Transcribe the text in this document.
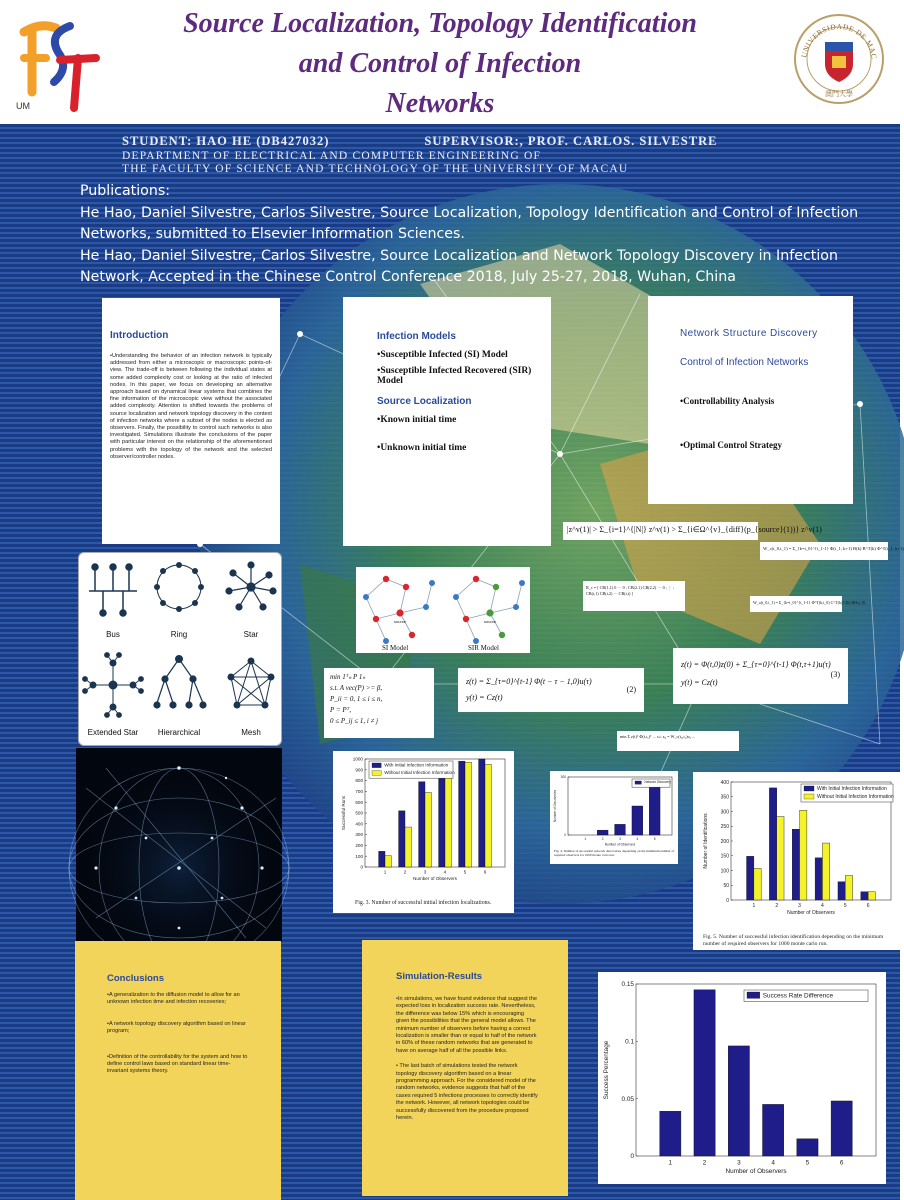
UM
Source Localization, Topology Identification
and Control of Infection
Networks
UNIVERSIDADE DE MAC
澳門大學
STUDENT: HAO HE (DB427032)	SUPERVISOR:, PROF. CARLOS. SILVESTRE
DEPARTMENT OF ELECTRICAL AND COMPUTER ENGINEERING OF
THE FACULTY OF SCIENCE AND TECHNOLOGY OF THE UNIVERSITY OF MACAU
Publications:
He Hao, Daniel Silvestre, Carlos Silvestre, Source Localization, Topology Identification and Control of Infection Networks, submitted to Elsevier Information Sciences.
He Hao, Daniel Silvestre, Carlos Silvestre, Source Localization and Network Topology Discovery in Infection Network, Accepted in the Chinese Control Conference 2018, July 25-27, 2018, Wuhan, China
Introduction

•Understanding the behavior of an infection network is typically addressed from either a microscopic or macroscopic points-of-view. The trade-off is between following the individual states at some added complexity cost or looking at the ratio of infected nodes. In this paper, we focus on developing an alternative approach based on dynamical linear systems that combines the fine information of the microscopic view without the associated added complexity. Attention is shifted towards the problems of source localization and network topology discovery in the context of infection networks where a subset of the nodes is elected as observers. Finally, the possibility to control such networks is also investigated. Simulations illustrate the conclusions of the paper with particular interest on the relationship of the aforementioned problems with the topology of the network and the selected observer/controller nodes.

Infection Models
•Susceptible Infected (SI) Model
•Susceptible Infected Recovered (SIR) Model
Source Localization
•Known initial time
•Unknown initial time
Network Structure Discovery
Control of Infection Networks
•Controllability Analysis
•Optimal Control Strategy
|z^v(1)| > Σ_{i=1}^{|N|} z^v(1) > Σ_{i∈Ω^{v}_{diff}(p_{source}(1))} z^v(1)
W_c(t_0,t_1) = Σ_{k=t_0}^{t_1-1} Φ(t_1, k+1) B(k) B^T(k) Φ^T(t_1, k+1)
W_o(t_0,t_1) = Σ_{k=t_0}^{t_1-1} Φ^T(k,t_0) C^T(k) C(k) Φ(k,t_0)
R_c = [ CB(1,1) 0 ··· 0 ; CB(2,1) CB(2,2) ··· 0 ; ⋮ ; CB(t,1) CB(t,2) ··· CB(t,t) ]
Bus	Ring	Star
Extended Star Hierarchical	Mesh
source	source
SI Model	SIR Model
min 1ᵀₙ P 1ₙ
s.t. A vec(P) >= β,
P_ii = 0, 1 ≤ i ≤ n,
P = Pᵀ,
0 ≤ P_ij ≤ 1, i ≠ j
z(t) = Σ_{τ=0}^{t-1} Φ(t − τ − 1,0)u(τ)
y(t) = Cz(t)
(2)
z(t) = Φ(t,0)z(0) + Σ_{τ=0}^{t-1} Φ(t,τ+1)u(τ)
y(t) = Cz(t)
(3)
min Σ z(t)ᵀ Φ(t,t₁)ᵀ ... s.t. z₀ = W_c(t₀,t₁)u₁ ...
0
100
200
300
400
500
600
700
800
900
1000
1	2	3	4	5	6
Number of Observers
Successful Runs
With Initial Infection Information
Without Initial Infection Information
Fig. 3. Number of successful initial infection localizations.
0
300
1	2	3	4	5
Number of Observers
Number of Discoveries
Network Discovery
Fig. 4. Number of successful network discoveries depending on the minimum number of required observers for 1000 monte carlo run.
0
50
100
150
200
250
300
350
400
1	2	3	4	5	6
Number of Observers
Number of Identifications
With Initial Infection Information
Without Initial Infection Information
Fig. 5. Number of successful infection identification depending on the minimum number of required observers for 1000 monte carlo run.
Conclusions

•A generalization to the diffusion model to allow for an unknown infection time and infection recoveries;

•A network topology discovery algorithm based on linear program;

•Definition of the controllability for the system and how to define control laws based on standard linear time-invariant systems theory.

Simulation-Results

•In simulations, we have found evidence that suggest the expected loss in localization success rate. Nevertheless, the difference was below 15% which is encouraging given the possibilities that the general model allows. The minimum number of observers before having a correct localization is smaller than or equal to half of the network in 60% of these random networks that are generated to have on average half of all the possible links.

• The last batch of simulations tested the network topology discovery algorithm based on a linear programming approach. For the considered model of the random networks, evidence suggests that half of the cases required 5 infections processes to correctly identify the network. However, all network topologies could be successfully discovered from the procedure proposed herein.

0
0.05
0.1
0.15
1	2	3	4	5	6
Number of Observers
Success Percentage
Success Rate Difference
